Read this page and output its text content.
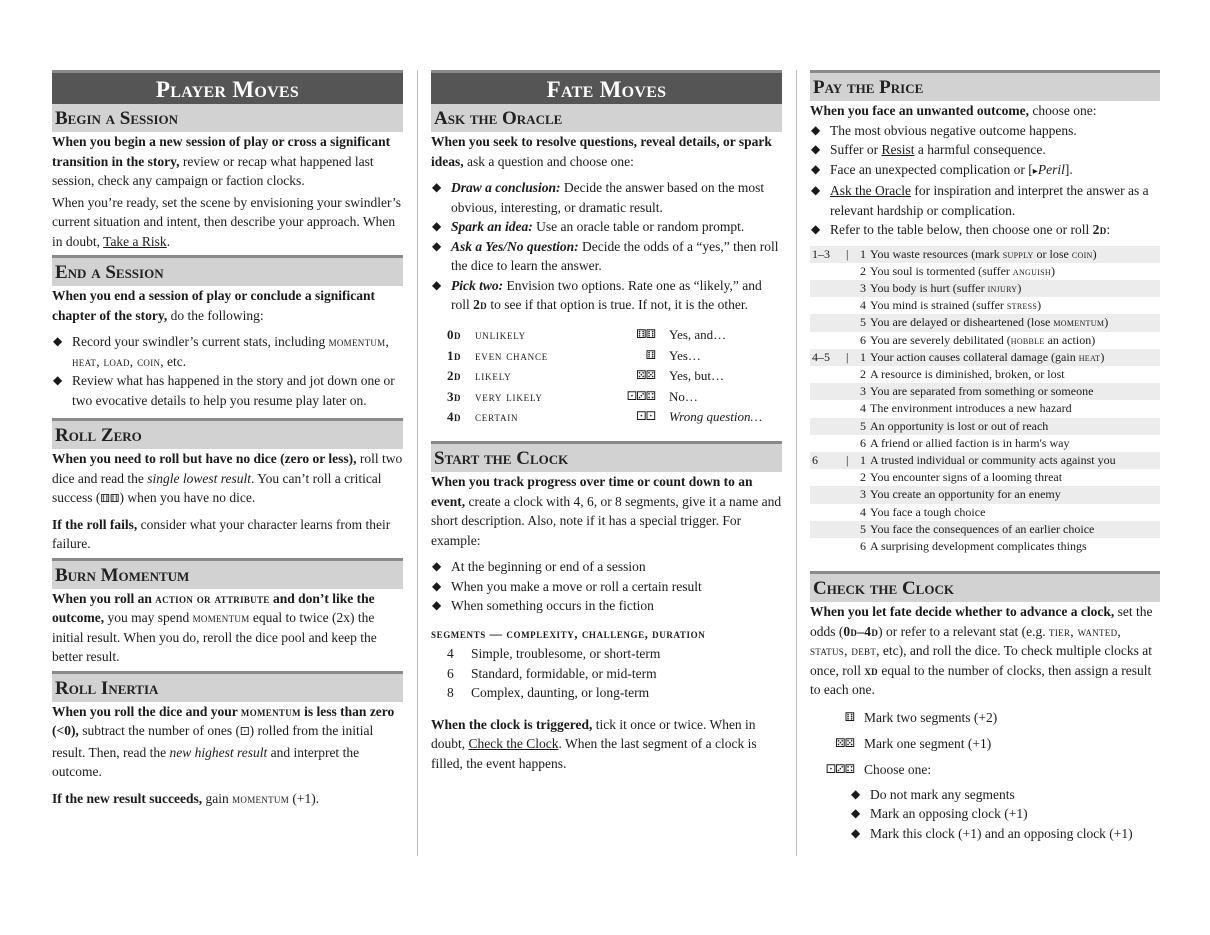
Player Moves
Begin a Session

When you begin a new session of play or cross a significant transition in the story, review or recap what happened last session, check any campaign or faction clocks.

When you’re ready, set the scene by envisioning your swindler’s current situation and intent, then describe your approach. When in doubt, Take a Risk.

End a Session

When you end a session of play or conclude a significant chapter of the story, do the following:

◆ Record your swindler’s current stats, including momentum, heat, load, coin, etc.
◆ Review what has happened in the story and jot down one or two evocative details to help you resume play later on.
Roll Zero

When you need to roll but have no dice (zero or less), roll two dice and read the single lowest result. You can’t roll a critical success (⚅⚅) when you have no dice.

If the roll fails, consider what your character learns from their failure.

Burn Momentum

When you roll an action or attribute and don’t like the outcome, you may spend momentum equal to twice (2x) the initial result. When you do, reroll the dice pool and keep the better result.

Roll Inertia

When you roll the dice and your momentum is less than zero (<0), subtract the number of ones (⚀) rolled from the initial result. Then, read the new highest result and interpret the outcome.

If the new result succeeds, gain momentum (+1).

Fate Moves
Ask the Oracle

When you seek to resolve questions, reveal details, or spark ideas, ask a question and choose one:

◆ Draw a conclusion: Decide the answer based on the most obvious, interesting, or dramatic result.
◆ Spark an idea: Use an oracle table or random prompt.
◆ Ask a Yes/No question: Decide the odds of a “yes,” then roll the dice to learn the answer.
◆ Pick two: Envision two options. Rate one as “likely,” and roll 2d to see if that option is true. If not, it is the other.
0d	unlikely	⚅⚅	Yes, and…
1d	even chance	⚅	Yes…
2d	likely	⚄⚄	Yes, but…
3d	very likely	⚀⚂⚃	No…
4d	certain	⚀⚀	Wrong question…
Start the Clock

When you track progress over time or count down to an event, create a clock with 4, 6, or 8 segments, give it a name and short description. Also, note if it has a special trigger. For example:

◆ At the beginning or end of a session
◆ When you make a move or roll a certain result
◆ When something occurs in the fiction
segments — complexity, challenge, duration
4	Simple, troublesome, or short-term
6	Standard, formidable, or mid-term
8	Complex, daunting, or long-term

When the clock is triggered, tick it once or twice. When in doubt, Check the Clock. When the last segment of a clock is filled, the event happens.

Pay the Price

When you face an unwanted outcome, choose one:

◆ The most obvious negative outcome happens.
◆ Suffer or Resist a harmful consequence.
◆ Face an unexpected complication or [▸Peril].
◆ Ask the Oracle for inspiration and interpret the answer as a relevant hardship or complication.
◆ Refer to the table below, then choose one or roll 2d:
1–3	| 1 You waste resources (mark supply or lose coin)
2 You soul is tormented (suffer anguish)
3 You body is hurt (suffer injury)
4 You mind is strained (suffer stress)
5 You are delayed or disheartened (lose momentum)
6 You are severely debilitated (hobble an action)
4–5	| 1 Your action causes collateral damage (gain heat)
2 A resource is diminished, broken, or lost
3 You are separated from something or someone
4 The environment introduces a new hazard
5 An opportunity is lost or out of reach
6 A friend or allied faction is in harm's way
6	| 1 A trusted individual or community acts against you
2 You encounter signs of a looming threat
3 You create an opportunity for an enemy
4 You face a tough choice
5 You face the consequences of an earlier choice
6 A surprising development complicates things
Check the Clock

When you let fate decide whether to advance a clock, set the odds (0d–4d) or refer to a relevant stat (e.g. tier, wanted, status, debt, etc), and roll the dice. To check multiple clocks at once, roll xd equal to the number of clocks, then assign a result to each one.

⚅ Mark two segments (+2)
⚄⚄ Mark one segment (+1)
⚀⚂⚃ Choose one:
◆ Do not mark any segments
◆ Mark an opposing clock (+1)
◆ Mark this clock (+1) and an opposing clock (+1)
